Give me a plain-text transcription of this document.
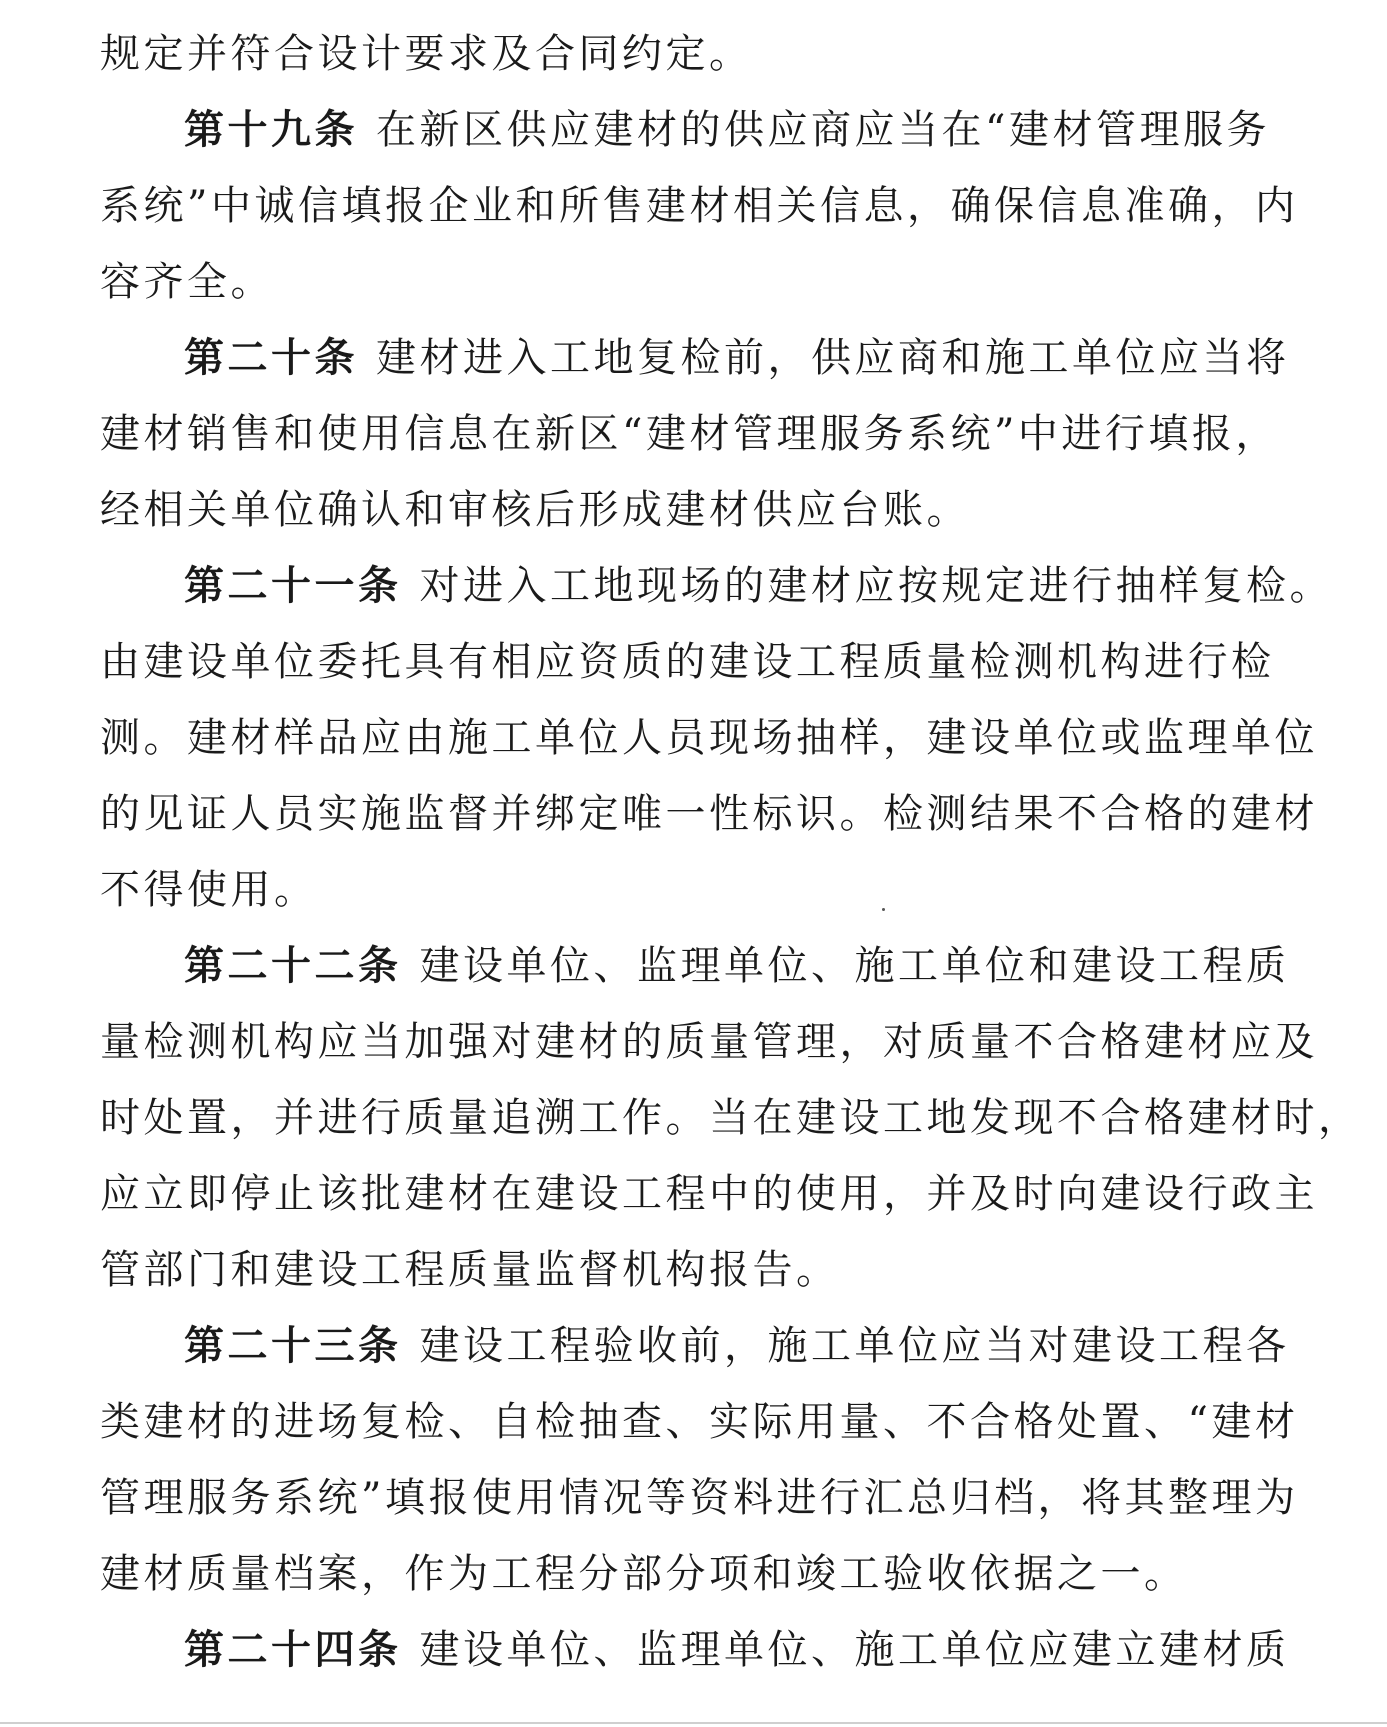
规定并符合设计要求及合同约定。
第十九条 在新区供应建材的供应商应当在“建材管理服务
系统”中诚信填报企业和所售建材相关信息，确保信息准确，内
容齐全。
第二十条 建材进入工地复检前，供应商和施工单位应当将
建材销售和使用信息在新区“建材管理服务系统”中进行填报，
经相关单位确认和审核后形成建材供应台账。
第二十一条 对进入工地现场的建材应按规定进行抽样复检。
由建设单位委托具有相应资质的建设工程质量检测机构进行检
测。建材样品应由施工单位人员现场抽样，建设单位或监理单位
的见证人员实施监督并绑定唯一性标识。检测结果不合格的建材
不得使用。
第二十二条 建设单位、监理单位、施工单位和建设工程质
量检测机构应当加强对建材的质量管理，对质量不合格建材应及
时处置，并进行质量追溯工作。当在建设工地发现不合格建材时，
应立即停止该批建材在建设工程中的使用，并及时向建设行政主
管部门和建设工程质量监督机构报告。
第二十三条 建设工程验收前，施工单位应当对建设工程各
类建材的进场复检、自检抽查、实际用量、不合格处置、“建材
管理服务系统”填报使用情况等资料进行汇总归档，将其整理为
建材质量档案，作为工程分部分项和竣工验收依据之一。
第二十四条 建设单位、监理单位、施工单位应建立建材质
